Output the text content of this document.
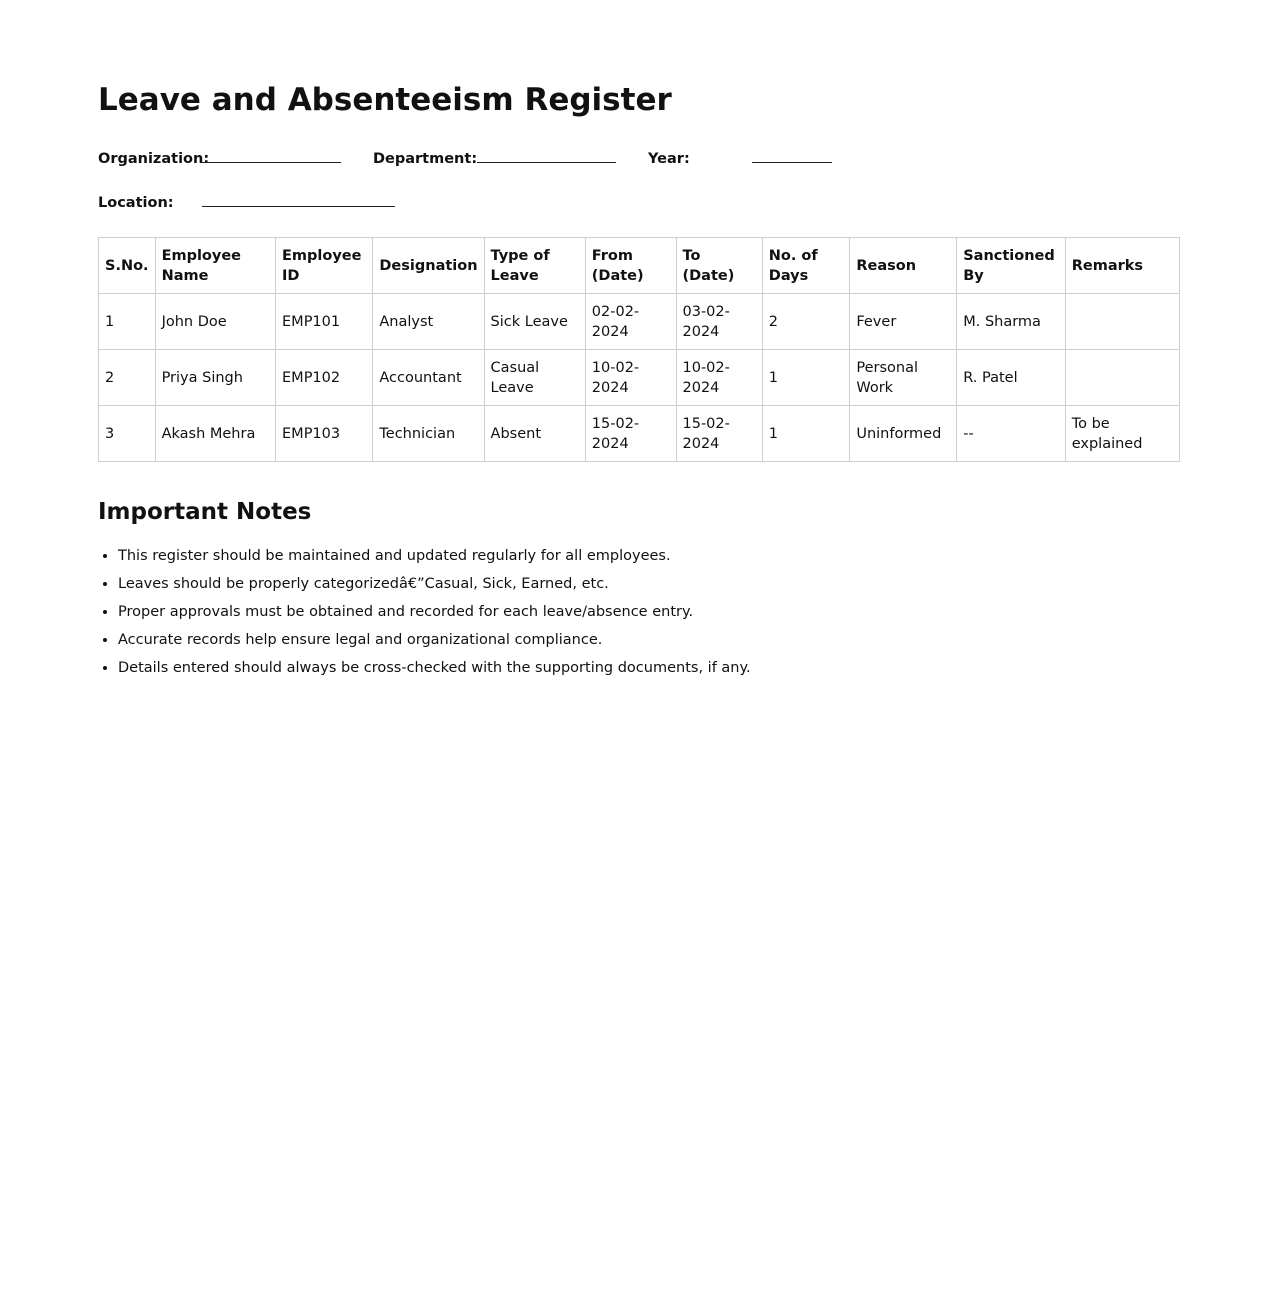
Leave and Absenteeism Register
Organization:	Department:	Year:
Location:
S.No.	Employee Name	Employee ID	Designation	Type of Leave	From (Date)	To (Date)	No. of Days	Reason	Sanctioned By	Remarks
1	John Doe	EMP101	Analyst	Sick Leave	02-02-2024	03-02-2024	2	Fever	M. Sharma	
2	Priya Singh	EMP102	Accountant	Casual Leave	10-02-2024	10-02-2024	1	Personal Work	R. Patel	
3	Akash Mehra	EMP103	Technician	Absent	15-02-2024	15-02-2024	1	Uninformed	--	To be explained
Important Notes
• This register should be maintained and updated regularly for all employees.
• Leaves should be properly categorizedâ€”Casual, Sick, Earned, etc.
• Proper approvals must be obtained and recorded for each leave/absence entry.
• Accurate records help ensure legal and organizational compliance.
• Details entered should always be cross-checked with the supporting documents, if any.
